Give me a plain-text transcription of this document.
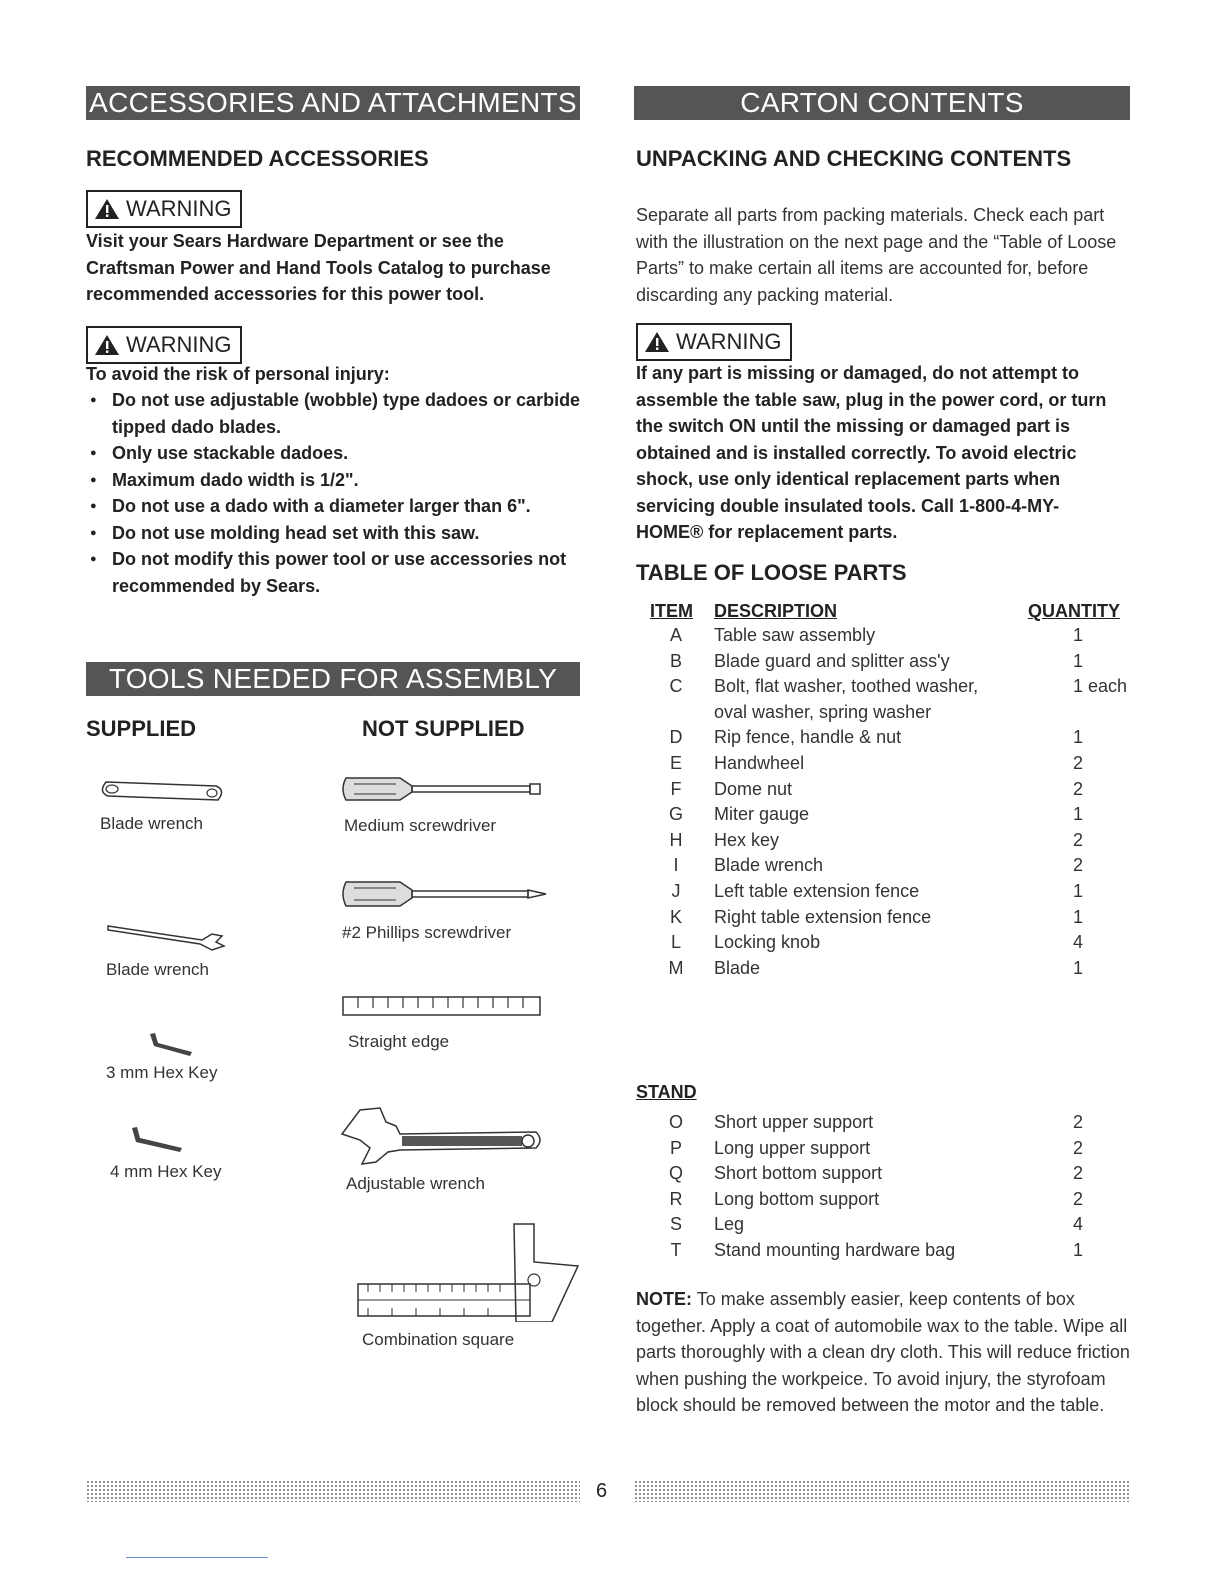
ACCESSORIES AND ATTACHMENTS
RECOMMENDED ACCESSORIES
WARNING
Visit your Sears Hardware Department or see the Craftsman Power and Hand Tools Catalog to purchase recommended accessories for this power tool.
WARNING
To avoid the risk of personal injury:
● Do not use adjustable (wobble) type dadoes or carbide tipped dado blades.
● Only use stackable dadoes.
● Maximum dado width is 1/2".
● Do not use a dado with a diameter larger than 6".
● Do not use molding head set with this saw.
● Do not modify this power tool or use accessories not recommended by Sears.
TOOLS NEEDED FOR ASSEMBLY
SUPPLIED	NOT SUPPLIED
Blade wrench
Blade wrench
3 mm Hex Key
4 mm Hex Key
Medium screwdriver
#2 Phillips screwdriver
Straight edge
Adjustable wrench
Combination square
CARTON CONTENTS
UNPACKING AND CHECKING CONTENTS
Separate all parts from packing materials. Check each part with the illustration on the next page and the “Table of Loose Parts” to make certain all items are accounted for, before discarding any packing material.
WARNING
If any part is missing or damaged, do not attempt to assemble the table saw, plug in the power cord, or turn the switch ON until the missing or damaged part is obtained and is installed correctly. To avoid electric shock, use only identical replacement parts when servicing double insulated tools. Call 1-800-4-MY-HOME® for replacement parts.
TABLE OF LOOSE PARTS
ITEM DESCRIPTION	QUANTITY
A	Table saw assembly	1
B	Blade guard and splitter ass'y	1
C	Bolt, flat washer, toothed washer,	1 each
oval washer, spring washer
D	Rip fence, handle & nut	1
E	Handwheel	2
F	Dome nut	2
G	Miter gauge	1
H	Hex key	2
I	Blade wrench	2
J	Left table extension fence	1
K	Right table extension fence	1
L	Locking knob	4
M	Blade	1
STAND
O	Short upper support	2
P	Long upper support	2
Q	Short bottom support	2
R	Long bottom support	2
S	Leg	4
T	Stand mounting hardware bag	1
NOTE: To make assembly easier, keep contents of box together. Apply a coat of automobile wax to the table. Wipe all parts thoroughly with a clean dry cloth. This will reduce friction when pushing the workpeice. To avoid injury, the styrofoam block should be removed between the motor and the table.
6
